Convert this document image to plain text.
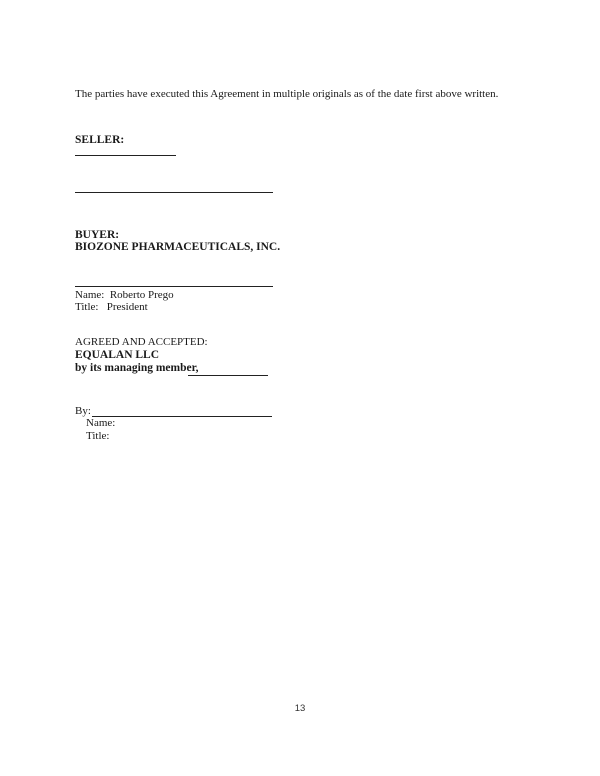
The parties have executed this Agreement in multiple originals as of the date first above written.
SELLER:
BUYER:
BIOZONE PHARMACEUTICALS, INC.
Name: Roberto Prego
Title: President
AGREED AND ACCEPTED:
EQUALAN LLC
by its managing member,
By:
Name:
Title:
13
